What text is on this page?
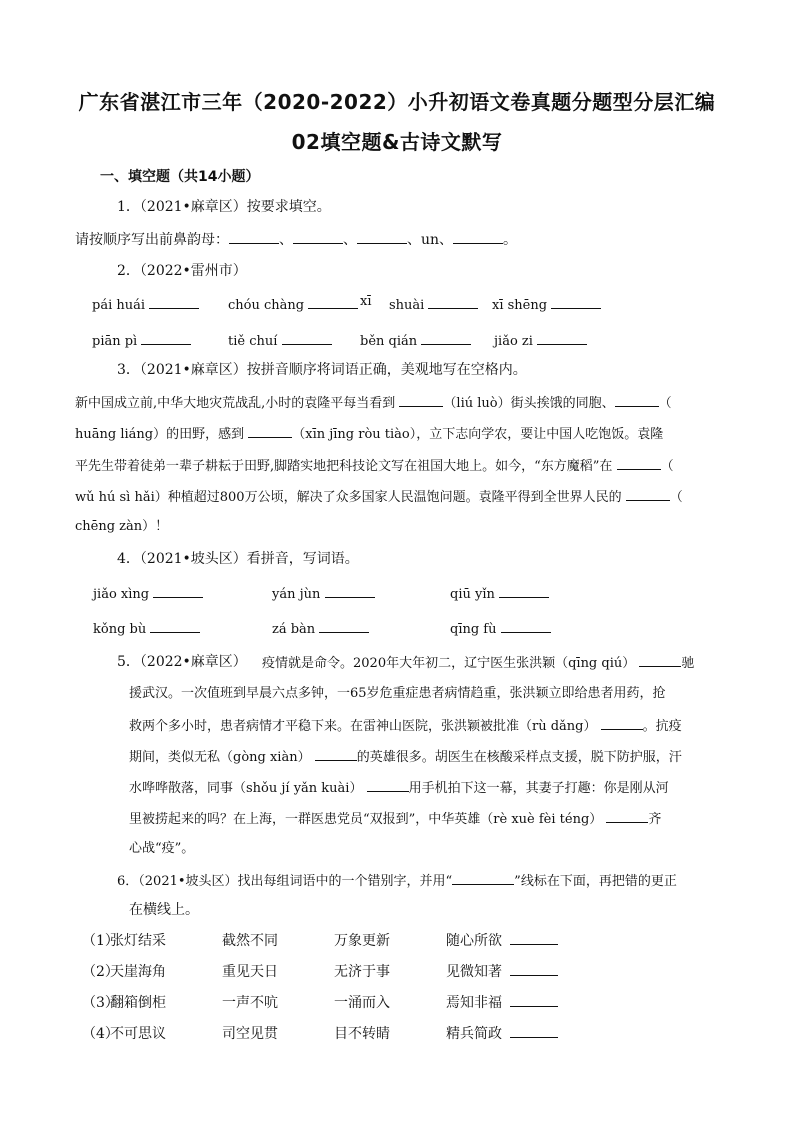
广东省湛江市三年（2020-2022）小升初语文卷真题分题型分层汇编
02填空题&古诗文默写
一、填空题（共14小题）
1．（2021•麻章区）按要求填空。
请按顺序写出前鼻韵母：	、	、	、un、	。
2．（2022•雷州市）
pái huái	chóu chàng	xī shuài	xī shēng
piān pì	tiě chuí	běn qián	jiǎo zi
3．（2021•麻章区）按拼音顺序将词语正确，美观地写在空格内。
新中国成立前,中华大地灾荒战乱,小时的袁隆平每当看到	（liú luò）街头挨饿的同胞、	（
huāng liáng）的田野，感到	（xīn jīng ròu tiào），立下志向学农，要让中国人吃饱饭。袁隆
平先生带着徒弟一辈子耕耘于田野,脚踏实地把科技论文写在祖国大地上。如今，“东方魔稻”在	（
wǔ hú sì hǎi）种植超过800万公顷，解决了众多国家人民温饱问题。袁隆平得到全世界人民的	（
chēng zàn）！
4．（2021•坡头区）看拼音，写词语。
jiǎo xìng	yán jùn	qiū yǐn
kǒng bù	zá bàn	qīng fù
5．（2022•麻章区） 疫情就是命令。2020年大年初二，辽宁医生张洪颖（qīng qiú）	驰
援武汉。一次值班到早晨六点多钟，一65岁危重症患者病情趋重，张洪颖立即给患者用药，抢
救两个多小时，患者病情才平稳下来。在雷神山医院，张洪颖被批准（rù dǎng）	。抗疫
期间，类似无私（gòng xiàn）	的英雄很多。胡医生在核酸采样点支援，脱下防护服，汗
水哗哗散落，同事（shǒu jí yǎn kuài）	用手机拍下这一幕，其妻子打趣：你是刚从河
里被捞起来的吗？在上海，一群医患党员“双报到”，中华英雄（rè xuè fèi téng）	齐
心战“疫”。
6．（2021•坡头区）找出每组词语中的一个错别字，并用“	”线标在下面，再把错的更正
在横线上。
（1）
张灯结采	截然不同	万象更新	随心所欲
（2）
天崖海角	重见天日	无济于事	见微知著
（3）
翻箱倒柜	一声不吭	一涌而入	焉知非福
（4）
不可思议	司空见贯	目不转睛	精兵简政
